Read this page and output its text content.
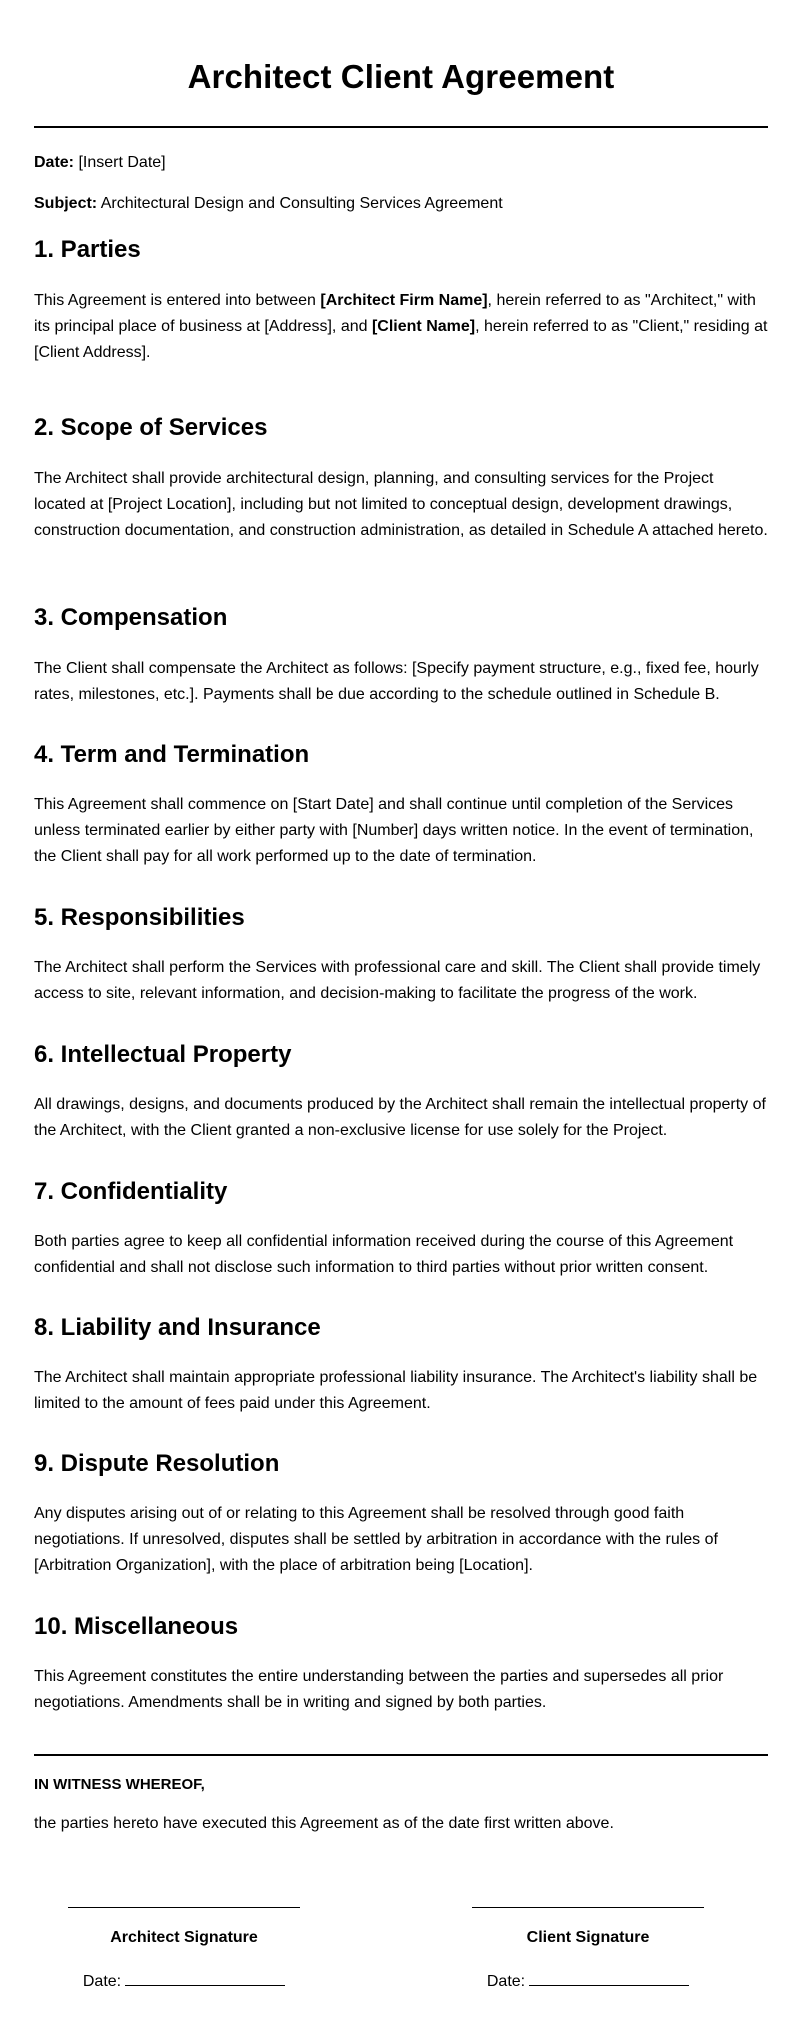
Architect Client Agreement
Date: [Insert Date]
Subject: Architectural Design and Consulting Services Agreement
1. Parties

This Agreement is entered into between [Architect Firm Name], herein referred to as "Architect," with its principal place of business at [Address], and [Client Name], herein referred to as "Client," residing at [Client Address].

2. Scope of Services

The Architect shall provide architectural design, planning, and consulting services for the Project located at [Project Location], including but not limited to conceptual design, development drawings, construction documentation, and construction administration, as detailed in Schedule A attached hereto.

3. Compensation

The Client shall compensate the Architect as follows: [Specify payment structure, e.g., fixed fee, hourly rates, milestones, etc.]. Payments shall be due according to the schedule outlined in Schedule B.

4. Term and Termination

This Agreement shall commence on [Start Date] and shall continue until completion of the Services unless terminated earlier by either party with [Number] days written notice. In the event of termination, the Client shall pay for all work performed up to the date of termination.

5. Responsibilities

The Architect shall perform the Services with professional care and skill. The Client shall provide timely access to site, relevant information, and decision-making to facilitate the progress of the work.

6. Intellectual Property

All drawings, designs, and documents produced by the Architect shall remain the intellectual property of the Architect, with the Client granted a non-exclusive license for use solely for the Project.

7. Confidentiality

Both parties agree to keep all confidential information received during the course of this Agreement confidential and shall not disclose such information to third parties without prior written consent.

8. Liability and Insurance

The Architect shall maintain appropriate professional liability insurance. The Architect's liability shall be limited to the amount of fees paid under this Agreement.

9. Dispute Resolution

Any disputes arising out of or relating to this Agreement shall be resolved through good faith negotiations. If unresolved, disputes shall be settled by arbitration in accordance with the rules of [Arbitration Organization], with the place of arbitration being [Location].

10. Miscellaneous

This Agreement constitutes the entire understanding between the parties and supersedes all prior negotiations. Amendments shall be in writing and signed by both parties.

IN WITNESS WHEREOF,
the parties hereto have executed this Agreement as of the date first written above.
Architect Signature
Date:
Client Signature
Date:
